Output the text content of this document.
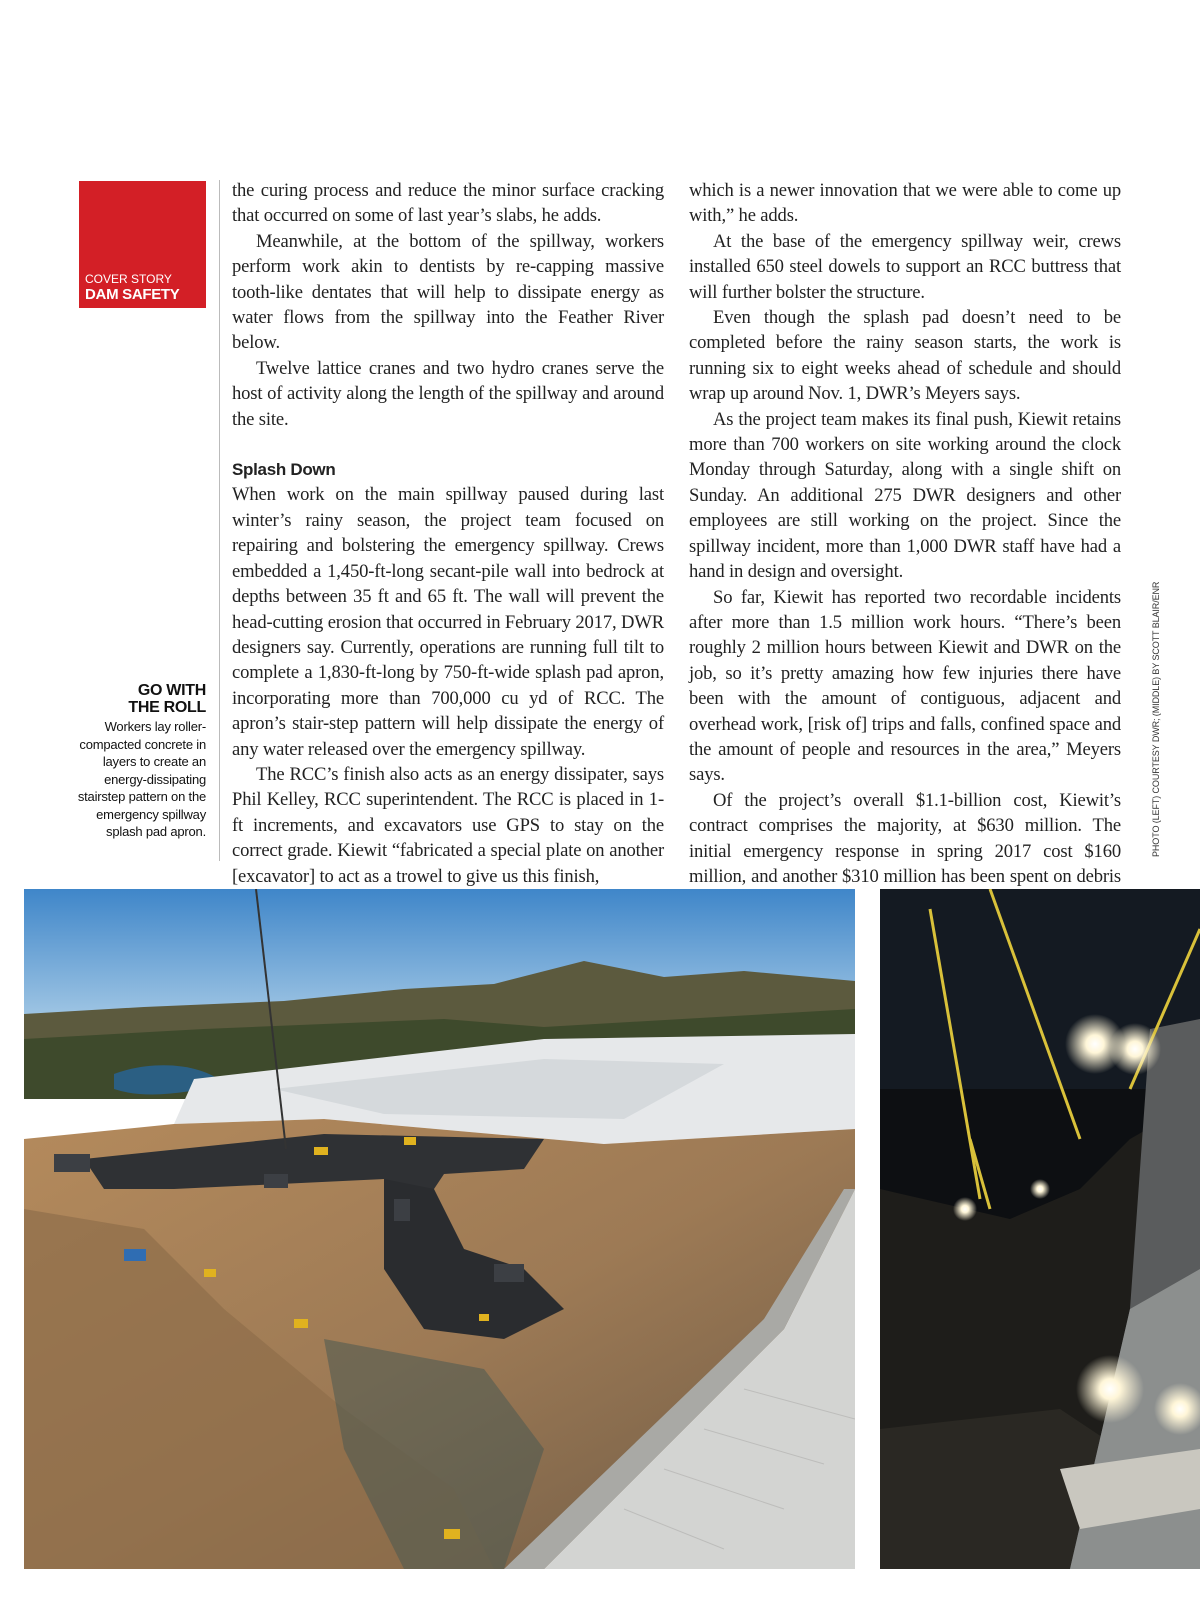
COVER STORY
DAM SAFETY
GO WITH
THE ROLL
Workers lay roller-compacted concrete in layers to create an energy-dissipating stairstep pattern on the emergency spillway splash pad apron.

the curing process and reduce the minor surface cracking that occurred on some of last year’s slabs, he adds.

Meanwhile, at the bottom of the spillway, workers perform work akin to dentists by re-capping massive tooth-like dentates that will help to dissipate energy as water flows from the spillway into the Feather River below.

Twelve lattice cranes and two hydro cranes serve the host of activity along the length of the spillway and around the site.

Splash Down

When work on the main spillway paused during last winter’s rainy season, the project team focused on repairing and bolstering the emergency spillway. Crews embedded a 1,450-ft-long secant-pile wall into bedrock at depths between 35 ft and 65 ft. The wall will prevent the head-cutting erosion that occurred in February 2017, DWR designers say. Currently, operations are running full tilt to complete a 1,830-ft-long by 750-ft-wide splash pad apron, incorporating more than 700,000 cu yd of RCC. The apron’s stair-step pattern will help dissipate the energy of any water released over the emergency spillway.

The RCC’s finish also acts as an energy dissipater, says Phil Kelley, RCC superintendent. The RCC is placed in 1-ft increments, and excavators use GPS to stay on the correct grade. Kiewit “fabricated a special plate on another [excavator] to act as a trowel to give us this finish,

which is a newer innovation that we were able to come up with,” he adds.

At the base of the emergency spillway weir, crews installed 650 steel dowels to support an RCC buttress that will further bolster the structure.

Even though the splash pad doesn’t need to be completed before the rainy season starts, the work is running six to eight weeks ahead of schedule and should wrap up around Nov. 1, DWR’s Meyers says.

As the project team makes its final push, Kiewit retains more than 700 workers on site working around the clock Monday through Saturday, along with a single shift on Sunday. An additional 275 DWR designers and other employees are still working on the project. Since the spillway incident, more than 1,000 DWR staff have had a hand in design and oversight.

So far, Kiewit has reported two recordable incidents after more than 1.5 million work hours. “There’s been roughly 2 million hours between Kiewit and DWR on the job, so it’s pretty amazing how few injuries there have been with the amount of contiguous, adjacent and overhead work, [risk of] trips and falls, confined space and the amount of people and resources in the area,” Meyers says.

Of the project’s overall $1.1-billion cost, Kiewit’s contract comprises the majority, at $630 million. The initial emergency response in spring 2017 cost $160 million, and another $310 million has been spent on debris

PHOTO (LEFT) COURTESY DWR; (MIDDLE) BY SCOTT BLAIR/ENR
